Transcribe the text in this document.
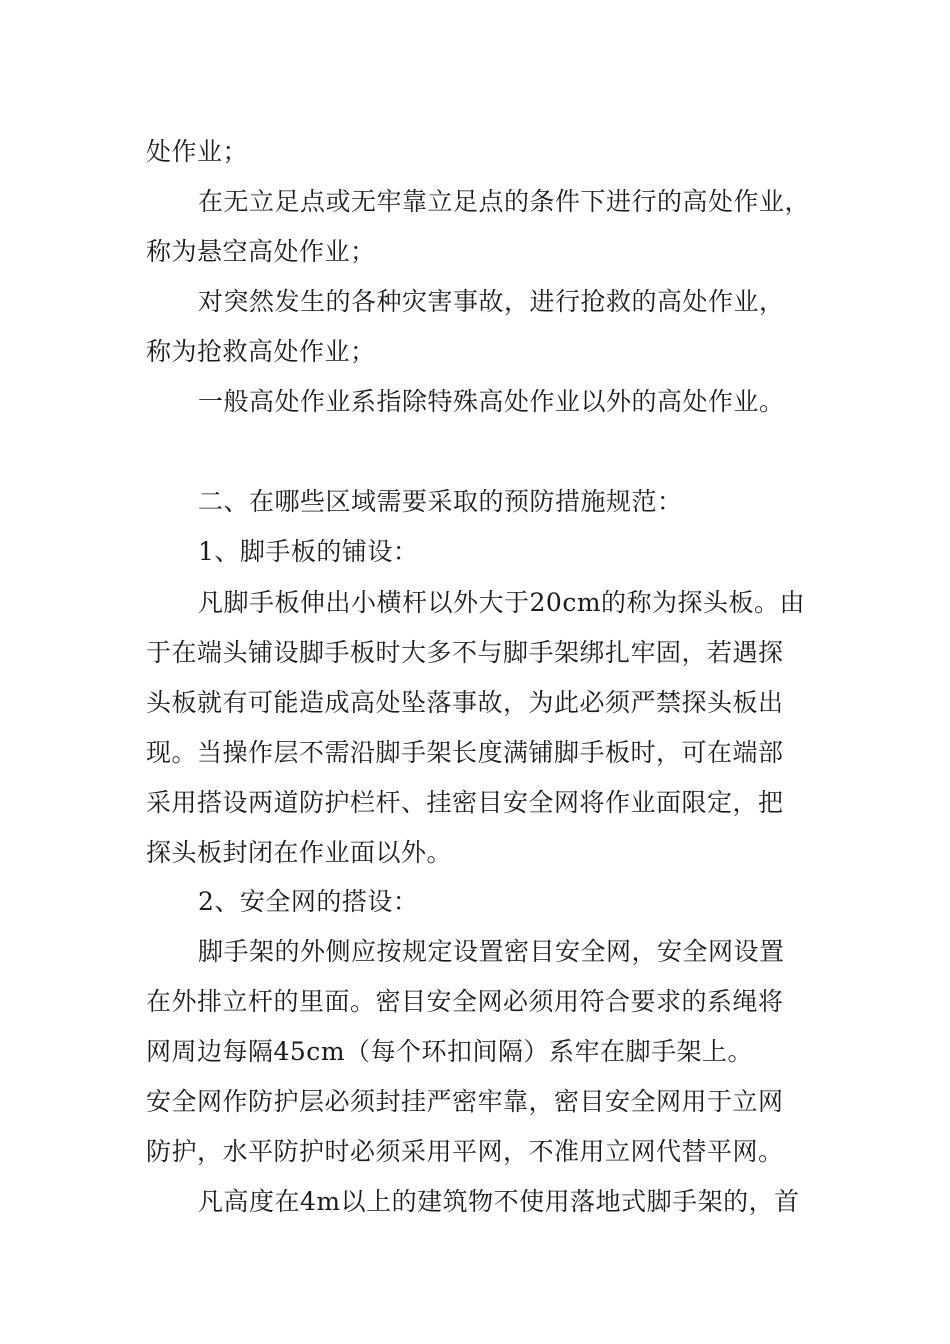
处作业；
在无立足点或无牢靠立足点的条件下进行的高处作业，
称为悬空高处作业；
对突然发生的各种灾害事故，进行抢救的高处作业，
称为抢救高处作业；
一般高处作业系指除特殊高处作业以外的高处作业。
二、在哪些区域需要采取的预防措施规范：
1、脚手板的铺设：
凡脚手板伸出小横杆以外大于20cm的称为探头板。由
于在端头铺设脚手板时大多不与脚手架绑扎牢固，若遇探
头板就有可能造成高处坠落事故，为此必须严禁探头板出
现。当操作层不需沿脚手架长度满铺脚手板时，可在端部
采用搭设两道防护栏杆、挂密目安全网将作业面限定，把
探头板封闭在作业面以外。
2、安全网的搭设：
脚手架的外侧应按规定设置密目安全网，安全网设置
在外排立杆的里面。密目安全网必须用符合要求的系绳将
网周边每隔45cm（每个环扣间隔）系牢在脚手架上。
安全网作防护层必须封挂严密牢靠，密目安全网用于立网
防护，水平防护时必须采用平网，不准用立网代替平网。
凡高度在4m以上的建筑物不使用落地式脚手架的，首
